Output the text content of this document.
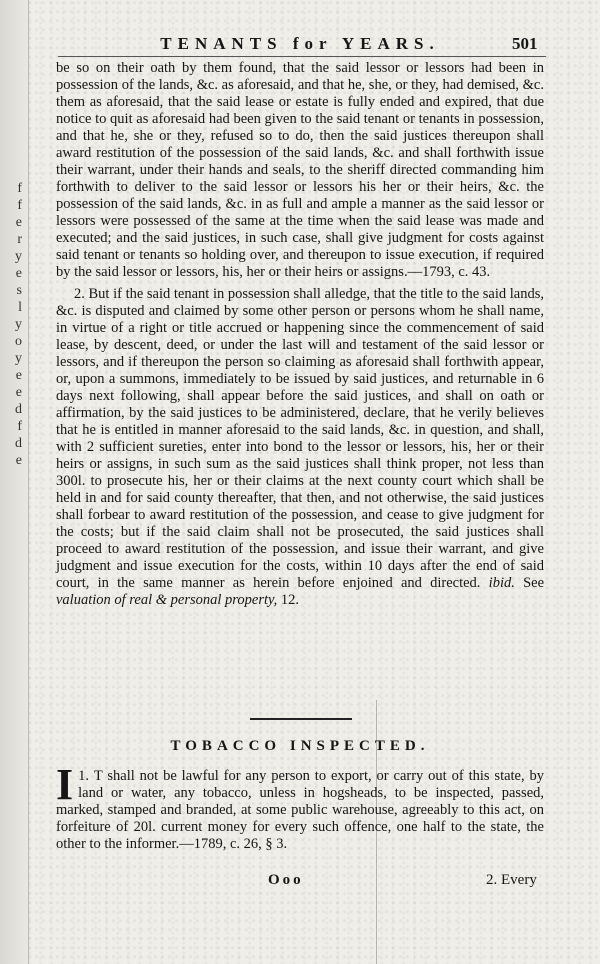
f
f
e
r
y
e
s
l
y
o
y
e
e
d
f
d
e
TENANTS for YEARS.	501

be so on their oath by them found, that the said lessor or lessors had been in possession of the lands, &c. as aforesaid, and that he, she, or they, had demised, &c. them as aforesaid, that the said lease or estate is fully ended and expired, that due notice to quit as aforesaid had been given to the said tenant or tenants in possession, and that he, she or they, refused so to do, then the said justices thereupon shall award restitution of the possession of the said lands, &c. and shall forthwith issue their warrant, under their hands and seals, to the sheriff directed commanding him forthwith to deliver to the said lessor or lessors his her or their heirs, &c. the possession of the said lands, &c. in as full and ample a manner as the said lessor or lessors were possessed of the same at the time when the said lease was made and executed; and the said justices, in such case, shall give judgment for costs against said tenant or tenants so holding over, and thereupon to issue execution, if required by the said lessor or lessors, his, her or their heirs or assigns.—1793, c. 43.

2. But if the said tenant in possession shall alledge, that the title to the said lands, &c. is disputed and claimed by some other person or persons whom he shall name, in virtue of a right or title accrued or happening since the commencement of said lease, by descent, deed, or under the last will and testament of the said lessor or lessors, and if thereupon the person so claiming as aforesaid shall forthwith appear, or, upon a summons, immediately to be issued by said justices, and returnable in 6 days next following, shall appear before the said justices, and shall on oath or affirmation, by the said justices to be administered, declare, that he verily believes that he is entitled in manner aforesaid to the said lands, &c. in question, and shall, with 2 sufficient sureties, enter into bond to the lessor or lessors, his, her or their heirs or assigns, in such sum as the said justices shall think proper, not less than 300l. to prosecute his, her or their claims at the next county court which shall be held in and for said county thereafter, that then, and not otherwise, the said justices shall forbear to award restitution of the possession, and cease to give judgment for the costs; but if the said claim shall not be prosecuted, the said justices shall proceed to award restitution of the possession, and issue their warrant, and give judgment and issue execution for the costs, within 10 days after the end of said court, in the same manner as herein before enjoined and directed. ibid. See valuation of real & personal property, 12.

TOBACCO INSPECTED.
1.
I T shall not be lawful for any person to export, or carry out of this state, by land or water, any tobacco, unless in hogsheads, to be inspected, passed, marked, stamped and branded, at some public warehouse, agreeably to this act, on forfeiture of 20l. current money for every such offence, one half to the state, the other to the informer.—1789, c. 26, § 3.
Ooo	2. Every
